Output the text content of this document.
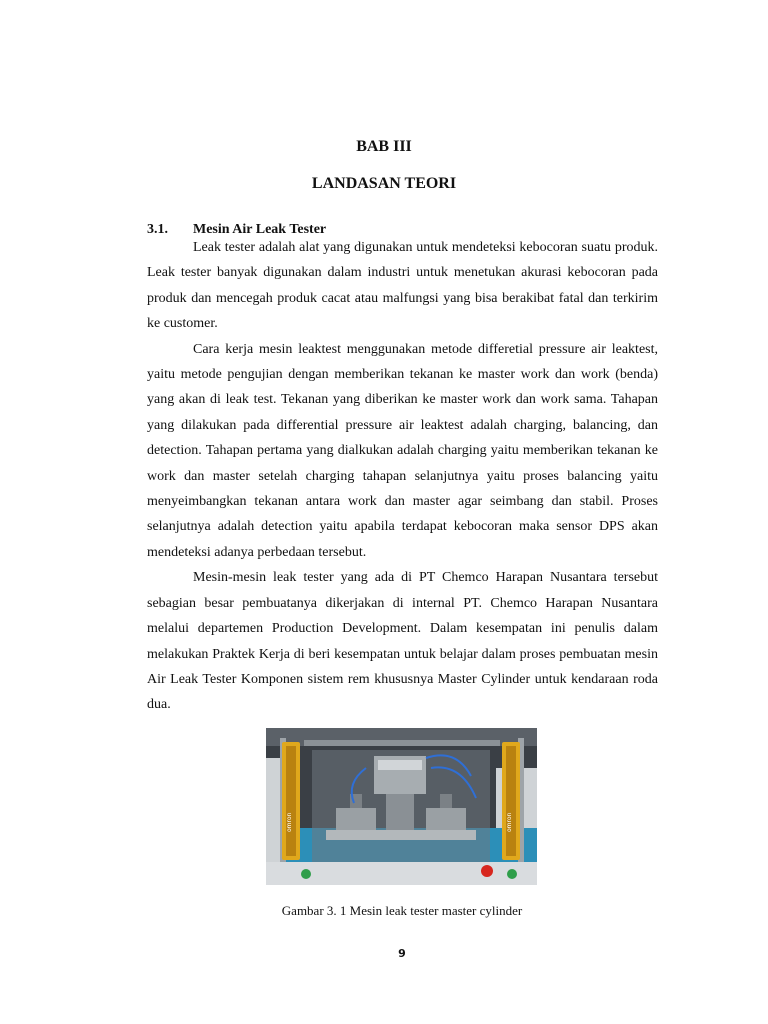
BAB III
LANDASAN TEORI
3.1. Mesin Air Leak Tester

Leak tester adalah alat yang digunakan untuk mendeteksi kebocoran suatu produk. Leak tester banyak digunakan dalam industri untuk menetukan akurasi kebocoran pada produk dan mencegah produk cacat atau malfungsi yang bisa berakibat fatal dan terkirim ke customer.

Cara kerja mesin leaktest menggunakan metode differetial pressure air leaktest, yaitu metode pengujian dengan memberikan tekanan ke master work dan work (benda) yang akan di leak test. Tekanan yang diberikan ke master work dan work sama. Tahapan yang dilakukan pada differential pressure air leaktest adalah charging, balancing, dan detection. Tahapan pertama yang dialkukan adalah charging yaitu memberikan tekanan ke work dan master setelah charging tahapan selanjutnya yaitu proses balancing yaitu menyeimbangkan tekanan antara work dan master agar seimbang dan stabil. Proses selanjutnya adalah detection yaitu apabila terdapat kebocoran maka sensor DPS akan mendeteksi adanya perbedaan tersebut.

Mesin-mesin leak tester yang ada di PT Chemco Harapan Nusantara tersebut sebagian besar pembuatanya dikerjakan di internal PT. Chemco Harapan Nusantara melalui departemen Production Development. Dalam kesempatan ini penulis dalam melakukan Praktek Kerja di beri kesempatan untuk belajar dalam proses pembuatan mesin Air Leak Tester Komponen sistem rem khususnya Master Cylinder untuk kendaraan roda dua.

omron	omron
Gambar 3. 1 Mesin leak tester master cylinder
9
